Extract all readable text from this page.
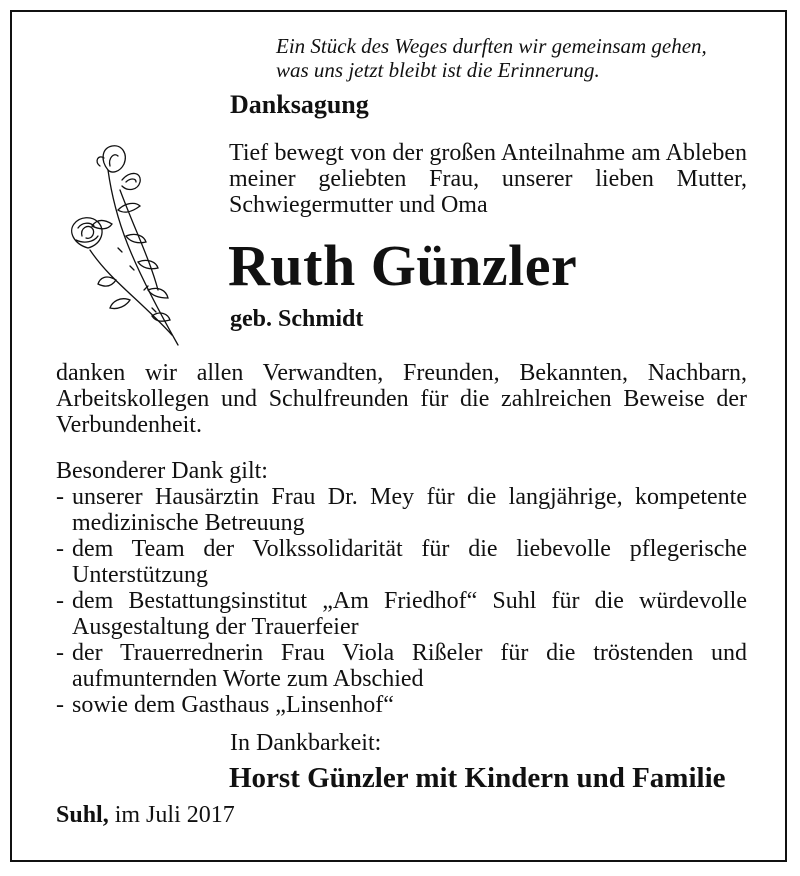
Ein Stück des Weges durften wir gemeinsam gehen,
was uns jetzt bleibt ist die Erinnerung.
Danksagung
Tief bewegt von der großen Anteilnahme am Ableben meiner geliebten Frau, unserer lieben Mutter, Schwiegermutter und Oma
Ruth Günzler
geb. Schmidt
danken wir allen Verwandten, Freunden, Bekannten, Nachbarn, Arbeitskollegen und Schulfreunden für die zahlreichen Beweise der Verbundenheit.
Besonderer Dank gilt:
- unserer Hausärztin Frau Dr. Mey für die langjährige, kompetente medizinische Betreuung
- dem Team der Volkssolidarität für die liebevolle pflegerische Unterstützung
- dem Bestattungsinstitut „Am Friedhof“ Suhl für die würdevolle Ausgestaltung der Trauerfeier
- der Trauerrednerin Frau Viola Rißeler für die tröstenden und aufmunternden Worte zum Abschied
- sowie dem Gasthaus „Linsenhof“
In Dankbarkeit:
Horst Günzler mit Kindern und Familie
Suhl, im Juli 2017
